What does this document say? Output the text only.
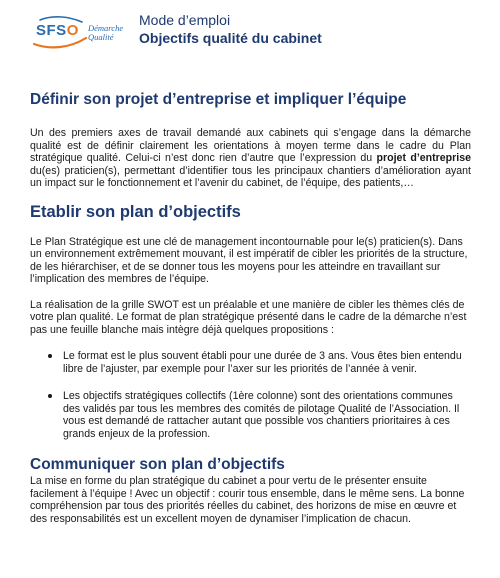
SFSO Démarche
Qualité
Mode d’emploi
Objectifs qualité du cabinet
Définir son projet d’entreprise et impliquer l’équipe

Un des premiers axes de travail demandé aux cabinets qui s’engage dans la démarche qualité est de définir clairement les orientations à moyen terme dans le cadre du Plan stratégique qualité. Celui-ci n’est donc rien d’autre que l’expression du projet d’entreprise du(es) praticien(s), permettant d’identifier tous les principaux chantiers d’amélioration ayant un impact sur le fonctionnement et l’avenir du cabinet, de l’équipe, des patients,…

Etablir son plan d’objectifs

Le Plan Stratégique est une clé de management incontournable pour le(s) praticien(s). Dans un environnement extrêmement mouvant, il est impératif de cibler les priorités de la structure, de les hiérarchiser, et de se donner tous les moyens pour les atteindre en travaillant sur l’implication des membres de l’équipe.

La réalisation de la grille SWOT est un préalable et une manière de cibler les thèmes clés de votre plan qualité. Le format de plan stratégique présenté dans le cadre de la démarche n’est pas une feuille blanche mais intègre déjà quelques propositions :

Le format est le plus souvent établi pour une durée de 3 ans. Vous êtes bien entendu libre de l’ajuster, par exemple pour l’axer sur les priorités de l’année à venir.
Les objectifs stratégiques collectifs (1ère colonne) sont des orientations communes des validés par tous les membres des comités de pilotage Qualité de l’Association. Il vous est demandé de rattacher autant que possible vos chantiers prioritaires à ces grands enjeux de la profession.
Communiquer son plan d’objectifs

La mise en forme du plan stratégique du cabinet a pour vertu de le présenter ensuite facilement à l’équipe ! Avec un objectif : courir tous ensemble, dans le même sens. La bonne compréhension par tous des priorités réelles du cabinet, des horizons de mise en œuvre et des responsabilités est un excellent moyen de dynamiser l’implication de chacun.
